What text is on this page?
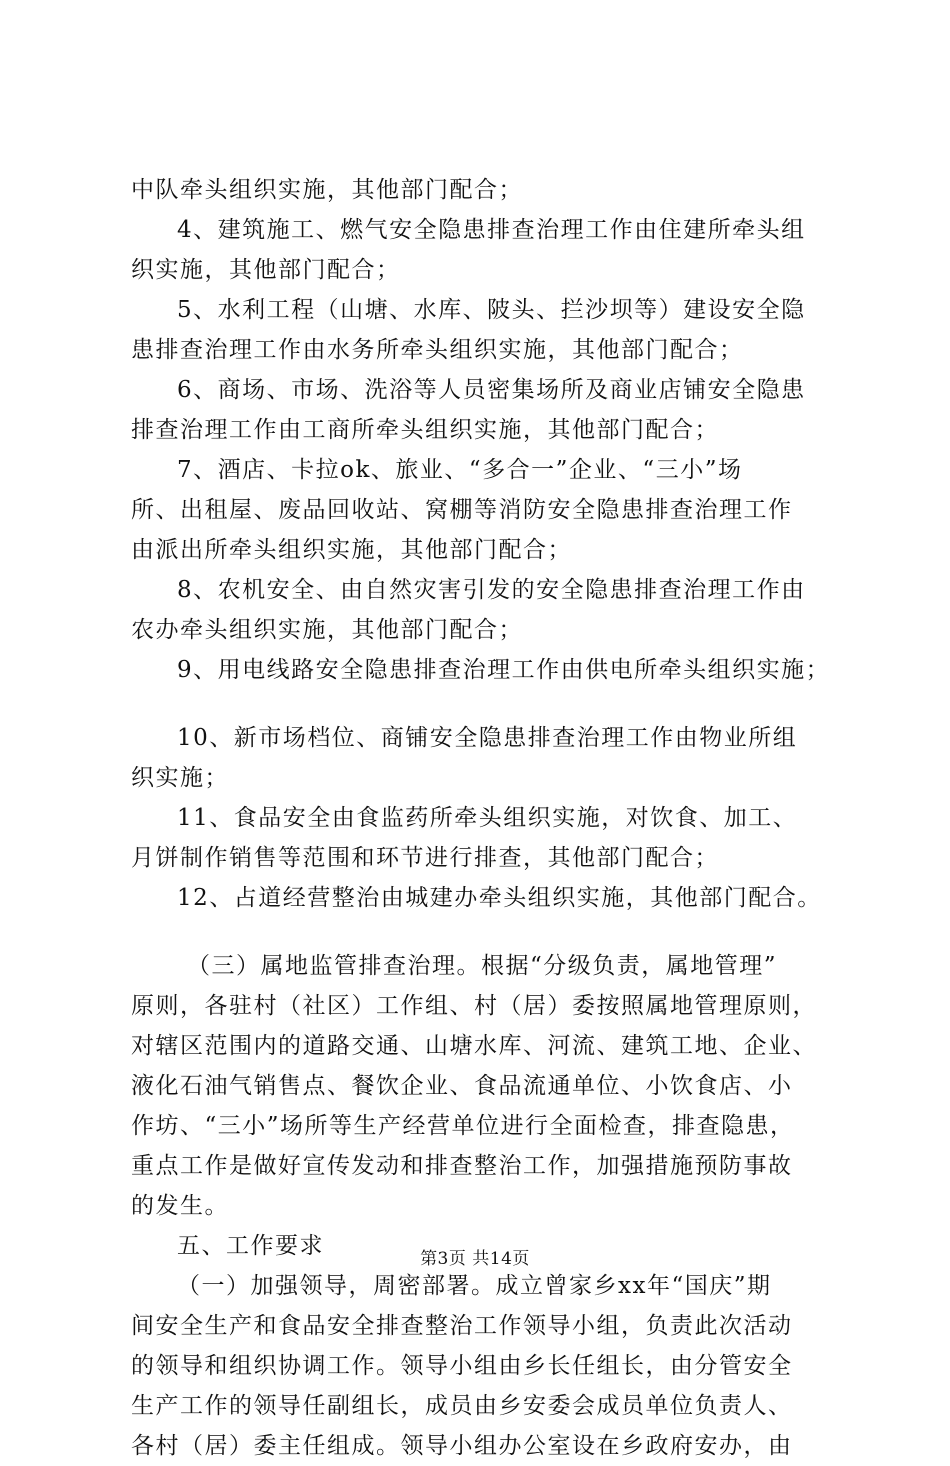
中队牵头组织实施，其他部门配合；
4、建筑施工、燃气安全隐患排查治理工作由住建所牵头组
织实施，其他部门配合；
5、水利工程（山塘、水库、陂头、拦沙坝等）建设安全隐
患排查治理工作由水务所牵头组织实施，其他部门配合；
6、商场、市场、洗浴等人员密集场所及商业店铺安全隐患
排查治理工作由工商所牵头组织实施，其他部门配合；
7、酒店、卡拉ok、旅业、“多合一”企业、“三小”场
所、出租屋、废品回收站、窝棚等消防安全隐患排查治理工作
由派出所牵头组织实施，其他部门配合；
8、农机安全、由自然灾害引发的安全隐患排查治理工作由
农办牵头组织实施，其他部门配合；
9、用电线路安全隐患排查治理工作由供电所牵头组织实施；
10、新市场档位、商铺安全隐患排查治理工作由物业所组
织实施；
11、食品安全由食监药所牵头组织实施，对饮食、加工、
月饼制作销售等范围和环节进行排查，其他部门配合；
12、占道经营整治由城建办牵头组织实施，其他部门配合。
（三）属地监管排查治理。根据“分级负责，属地管理”
原则，各驻村（社区）工作组、村（居）委按照属地管理原则，
对辖区范围内的道路交通、山塘水库、河流、建筑工地、企业、
液化石油气销售点、餐饮企业、食品流通单位、小饮食店、小
作坊、“三小”场所等生产经营单位进行全面检查，排查隐患，
重点工作是做好宣传发动和排查整治工作，加强措施预防事故
的发生。
五、工作要求
（一）加强领导，周密部署。成立曾家乡xx年“国庆”期
间安全生产和食品安全排查整治工作领导小组，负责此次活动
的领导和组织协调工作。领导小组由乡长任组长，由分管安全
生产工作的领导任副组长，成员由乡安委会成员单位负责人、
各村（居）委主任组成。领导小组办公室设在乡政府安办，由
第3页 共14页
